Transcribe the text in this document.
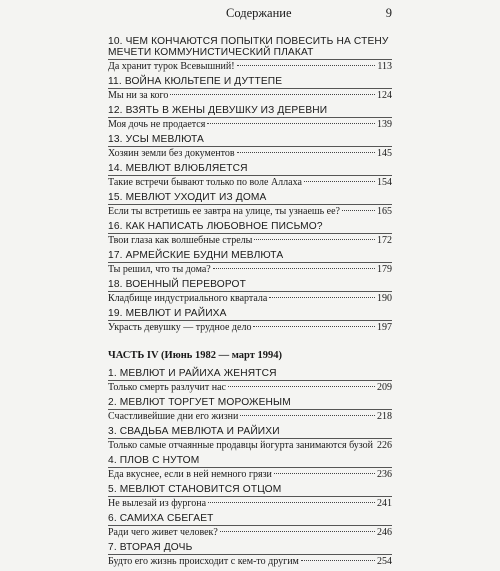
Содержание	9
10. ЧЕМ КОНЧАЮТСЯ ПОПЫТКИ ПОВЕСИТЬ НА СТЕНУ МЕЧЕТИ КОММУНИСТИЧЕСКИЙ ПЛАКАТ
Да хранит турок Всевышний!	113
11. ВОЙНА КЮЛЬТЕПЕ И ДУТТЕПЕ
Мы ни за кого	124
12. ВЗЯТЬ В ЖЕНЫ ДЕВУШКУ ИЗ ДЕРЕВНИ
Моя дочь не продается	139
13. УСЫ МЕВЛЮТА
Хозяин земли без документов	145
14. МЕВЛЮТ ВЛЮБЛЯЕТСЯ
Такие встречи бывают только по воле Аллаха	154
15. МЕВЛЮТ УХОДИТ ИЗ ДОМА
Если ты встретишь ее завтра на улице, ты узнаешь ее?	165
16. КАК НАПИСАТЬ ЛЮБОВНОЕ ПИСЬМО?
Твои глаза как волшебные стрелы	172
17. АРМЕЙСКИЕ БУДНИ МЕВЛЮТА
Ты решил, что ты дома?	179
18. ВОЕННЫЙ ПЕРЕВОРОТ
Кладбище индустриального квартала	190
19. МЕВЛЮТ И РАЙИХА
Украсть девушку — трудное дело	197
ЧАСТЬ IV (Июнь 1982 — март 1994)
1. МЕВЛЮТ И РАЙИХА ЖЕНЯТСЯ
Только смерть разлучит нас	209
2. МЕВЛЮТ ТОРГУЕТ МОРОЖЕНЫМ
Счастливейшие дни его жизни	218
3. СВАДЬБА МЕВЛЮТА И РАЙИХИ
Только самые отчаянные продавцы йогурта занимаются бузой 226
4. ПЛОВ С НУТОМ
Еда вкуснее, если в ней немного грязи	236
5. МЕВЛЮТ СТАНОВИТСЯ ОТЦОМ
Не вылезай из фургона	241
6. САМИХА СБЕГАЕТ
Ради чего живет человек?	246
7. ВТОРАЯ ДОЧЬ
Будто его жизнь происходит с кем-то другим	254
